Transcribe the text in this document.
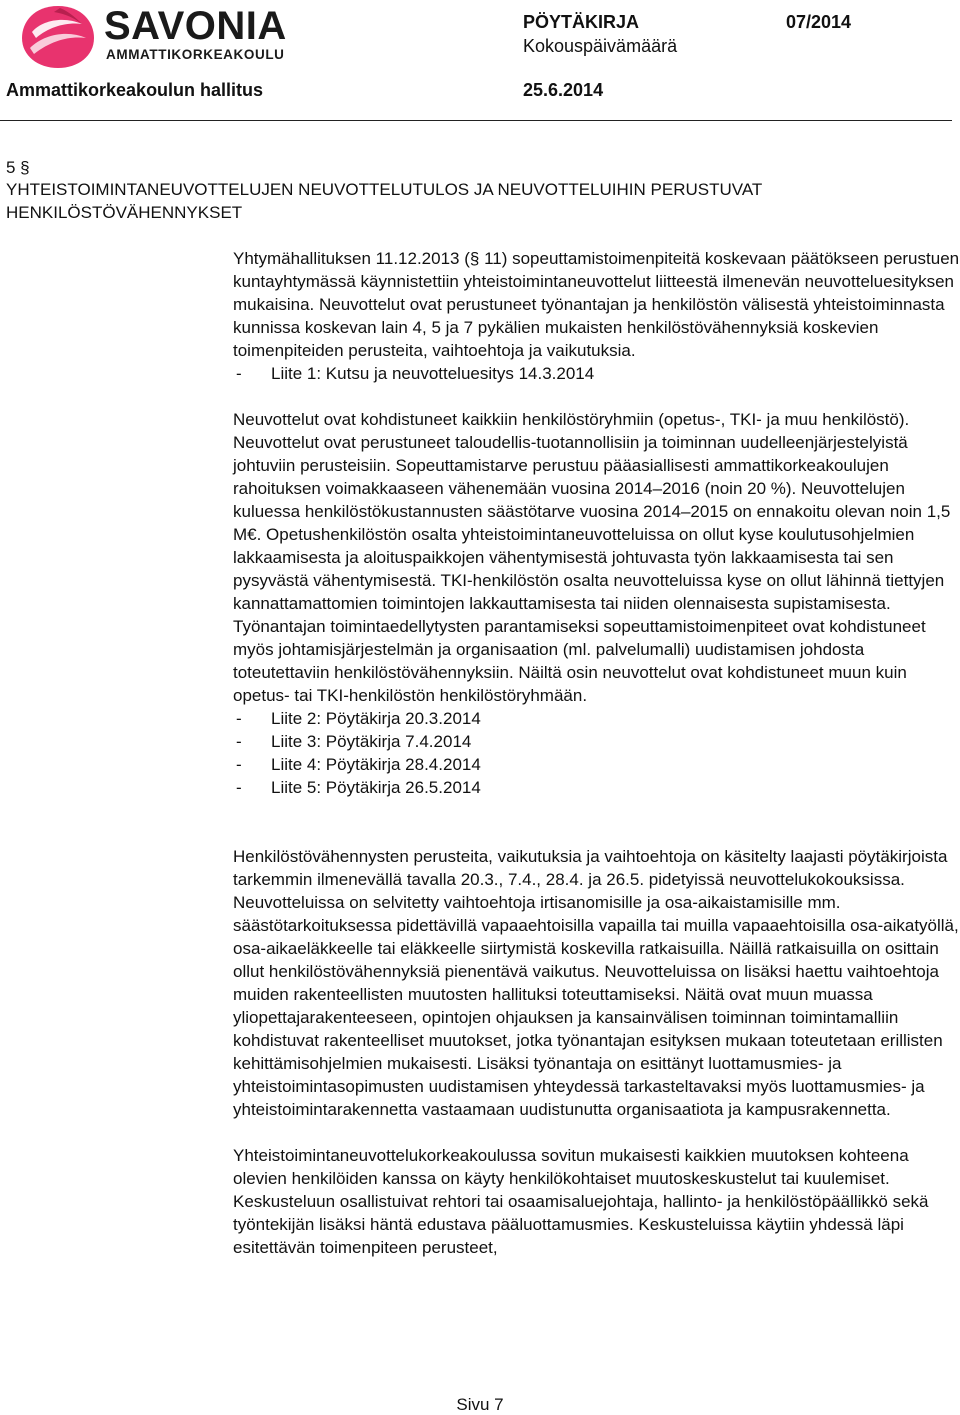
SAVONIA
AMMATTIKORKEAKOULU
PÖYTÄKIRJA	07/2014
Kokouspäivämäärä
Ammattikorkeakoulun hallitus	25.6.2014
5 §
YHTEISTOIMINTANEUVOTTELUJEN NEUVOTTELUTULOS JA NEUVOTTELUIHIN PERUSTUVAT
HENKILÖSTÖVÄHENNYKSET

Yhtymähallituksen 11.12.2013 (§ 11) sopeuttamistoimenpiteitä koskevaan päätökseen perustuen kuntayhtymässä käynnistettiin yhteistoimintaneuvottelut liitteestä ilmenevän neuvotteluesityksen mukaisina. Neuvottelut ovat perustuneet työnantajan ja henkilöstön välisestä yhteistoiminnasta kunnissa koskevan lain 4, 5 ja 7 pykälien mukaisten henkilöstövähennyksiä koskevien toimenpiteiden perusteita, vaihtoehtoja ja vaikutuksia.

- Liite 1: Kutsu ja neuvotteluesitys 14.3.2014

Neuvottelut ovat kohdistuneet kaikkiin henkilöstöryhmiin (opetus-, TKI- ja muu henkilöstö). Neuvottelut ovat perustuneet taloudellis-tuotannollisiin ja toiminnan uudelleenjärjestelyistä johtuviin perusteisiin. Sopeuttamistarve perustuu pääasiallisesti ammattikorkeakoulujen rahoituksen voimakkaaseen vähenemään vuosina 2014‒2016 (noin 20 %). Neuvottelujen kuluessa henkilöstökustannusten säästötarve vuosina 2014‒2015 on ennakoitu olevan noin 1,5 M€. Opetushenkilöstön osalta yhteistoimintaneuvotteluissa on ollut kyse koulutusohjelmien lakkaamisesta ja aloituspaikkojen vähentymisestä johtuvasta työn lakkaamisesta tai sen pysyvästä vähentymisestä. TKI-henkilöstön osalta neuvotteluissa kyse on ollut lähinnä tiettyjen kannattamattomien toimintojen lakkauttamisesta tai niiden olennaisesta supistamisesta. Työnantajan toimintaedellytysten parantamiseksi sopeuttamistoimenpiteet ovat kohdistuneet myös johtamisjärjestelmän ja organisaation (ml. palvelumalli) uudistamisen johdosta toteutettaviin henkilöstövähennyksiin. Näiltä osin neuvottelut ovat kohdistuneet muun kuin opetus- tai TKI-henkilöstön henkilöstöryhmään.

- Liite 2: Pöytäkirja 20.3.2014
- Liite 3: Pöytäkirja 7.4.2014
- Liite 4: Pöytäkirja 28.4.2014
- Liite 5: Pöytäkirja 26.5.2014

Henkilöstövähennysten perusteita, vaikutuksia ja vaihtoehtoja on käsitelty laajasti pöytäkirjoista tarkemmin ilmenevällä tavalla 20.3., 7.4., 28.4. ja 26.5. pidetyissä neuvottelukokouksissa. Neuvotteluissa on selvitetty vaihtoehtoja irtisanomisille ja osa-aikaistamisille mm. säästötarkoituksessa pidettävillä vapaaehtoisilla vapailla tai muilla vapaaehtoisilla osa-aikatyöllä, osa-aikaeläkkeelle tai eläkkeelle siirtymistä koskevilla ratkaisuilla. Näillä ratkaisuilla on osittain ollut henkilöstövähennyksiä pienentävä vaikutus. Neuvotteluissa on lisäksi haettu vaihtoehtoja muiden rakenteellisten muutosten hallituksi toteuttamiseksi. Näitä ovat muun muassa yliopettajarakenteeseen, opintojen ohjauksen ja kansainvälisen toiminnan toimintamalliin kohdistuvat rakenteelliset muutokset, jotka työnantajan esityksen mukaan toteutetaan erillisten kehittämisohjelmien mukaisesti. Lisäksi työnantaja on esittänyt luottamusmies- ja yhteistoimintasopimusten uudistamisen yhteydessä tarkasteltavaksi myös luottamusmies- ja yhteistoimintarakennetta vastaamaan uudistunutta organisaatiota ja kampusrakennetta.

Yhteistoimintaneuvottelukorkeakoulussa sovitun mukaisesti kaikkien muutoksen kohteena olevien henkilöiden kanssa on käyty henkilökohtaiset muutoskeskustelut tai kuulemiset. Keskusteluun osallistuivat rehtori tai osaamisaluejohtaja, hallinto- ja henkilöstöpäällikkö sekä työntekijän lisäksi häntä edustava pääluottamusmies. Keskusteluissa käytiin yhdessä läpi esitettävän toimenpiteen perusteet,

Sivu 7
